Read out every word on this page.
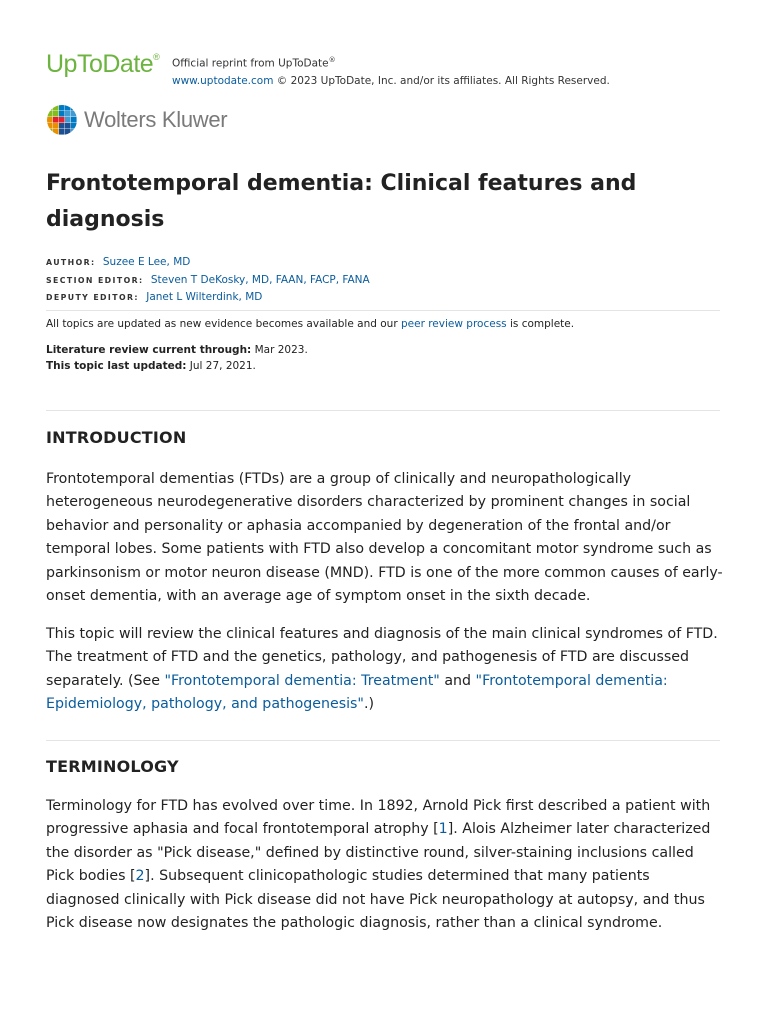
UpToDate®
Official reprint from UpToDate®
www.uptodate.com © 2023 UpToDate, Inc. and/or its affiliates. All Rights Reserved.
Wolters Kluwer
Frontotemporal dementia: Clinical features and diagnosis
AUTHOR: Suzee E Lee, MD
SECTION EDITOR: Steven T DeKosky, MD, FAAN, FACP, FANA
DEPUTY EDITOR: Janet L Wilterdink, MD
All topics are updated as new evidence becomes available and our peer review process is complete.
Literature review current through: Mar 2023.
This topic last updated: Jul 27, 2021.
INTRODUCTION

Frontotemporal dementias (FTDs) are a group of clinically and neuropathologically heterogeneous neurodegenerative disorders characterized by prominent changes in social behavior and personality or aphasia accompanied by degeneration of the frontal and/or temporal lobes. Some patients with FTD also develop a concomitant motor syndrome such as parkinsonism or motor neuron disease (MND). FTD is one of the more common causes of early-onset dementia, with an average age of symptom onset in the sixth decade.

This topic will review the clinical features and diagnosis of the main clinical syndromes of FTD. The treatment of FTD and the genetics, pathology, and pathogenesis of FTD are discussed separately. (See "Frontotemporal dementia: Treatment" and "Frontotemporal dementia: Epidemiology, pathology, and pathogenesis".)

TERMINOLOGY

Terminology for FTD has evolved over time. In 1892, Arnold Pick first described a patient with progressive aphasia and focal frontotemporal atrophy [1]. Alois Alzheimer later characterized the disorder as "Pick disease," defined by distinctive round, silver-staining inclusions called Pick bodies [2]. Subsequent clinicopathologic studies determined that many patients diagnosed clinically with Pick disease did not have Pick neuropathology at autopsy, and thus Pick disease now designates the pathologic diagnosis, rather than a clinical syndrome.
